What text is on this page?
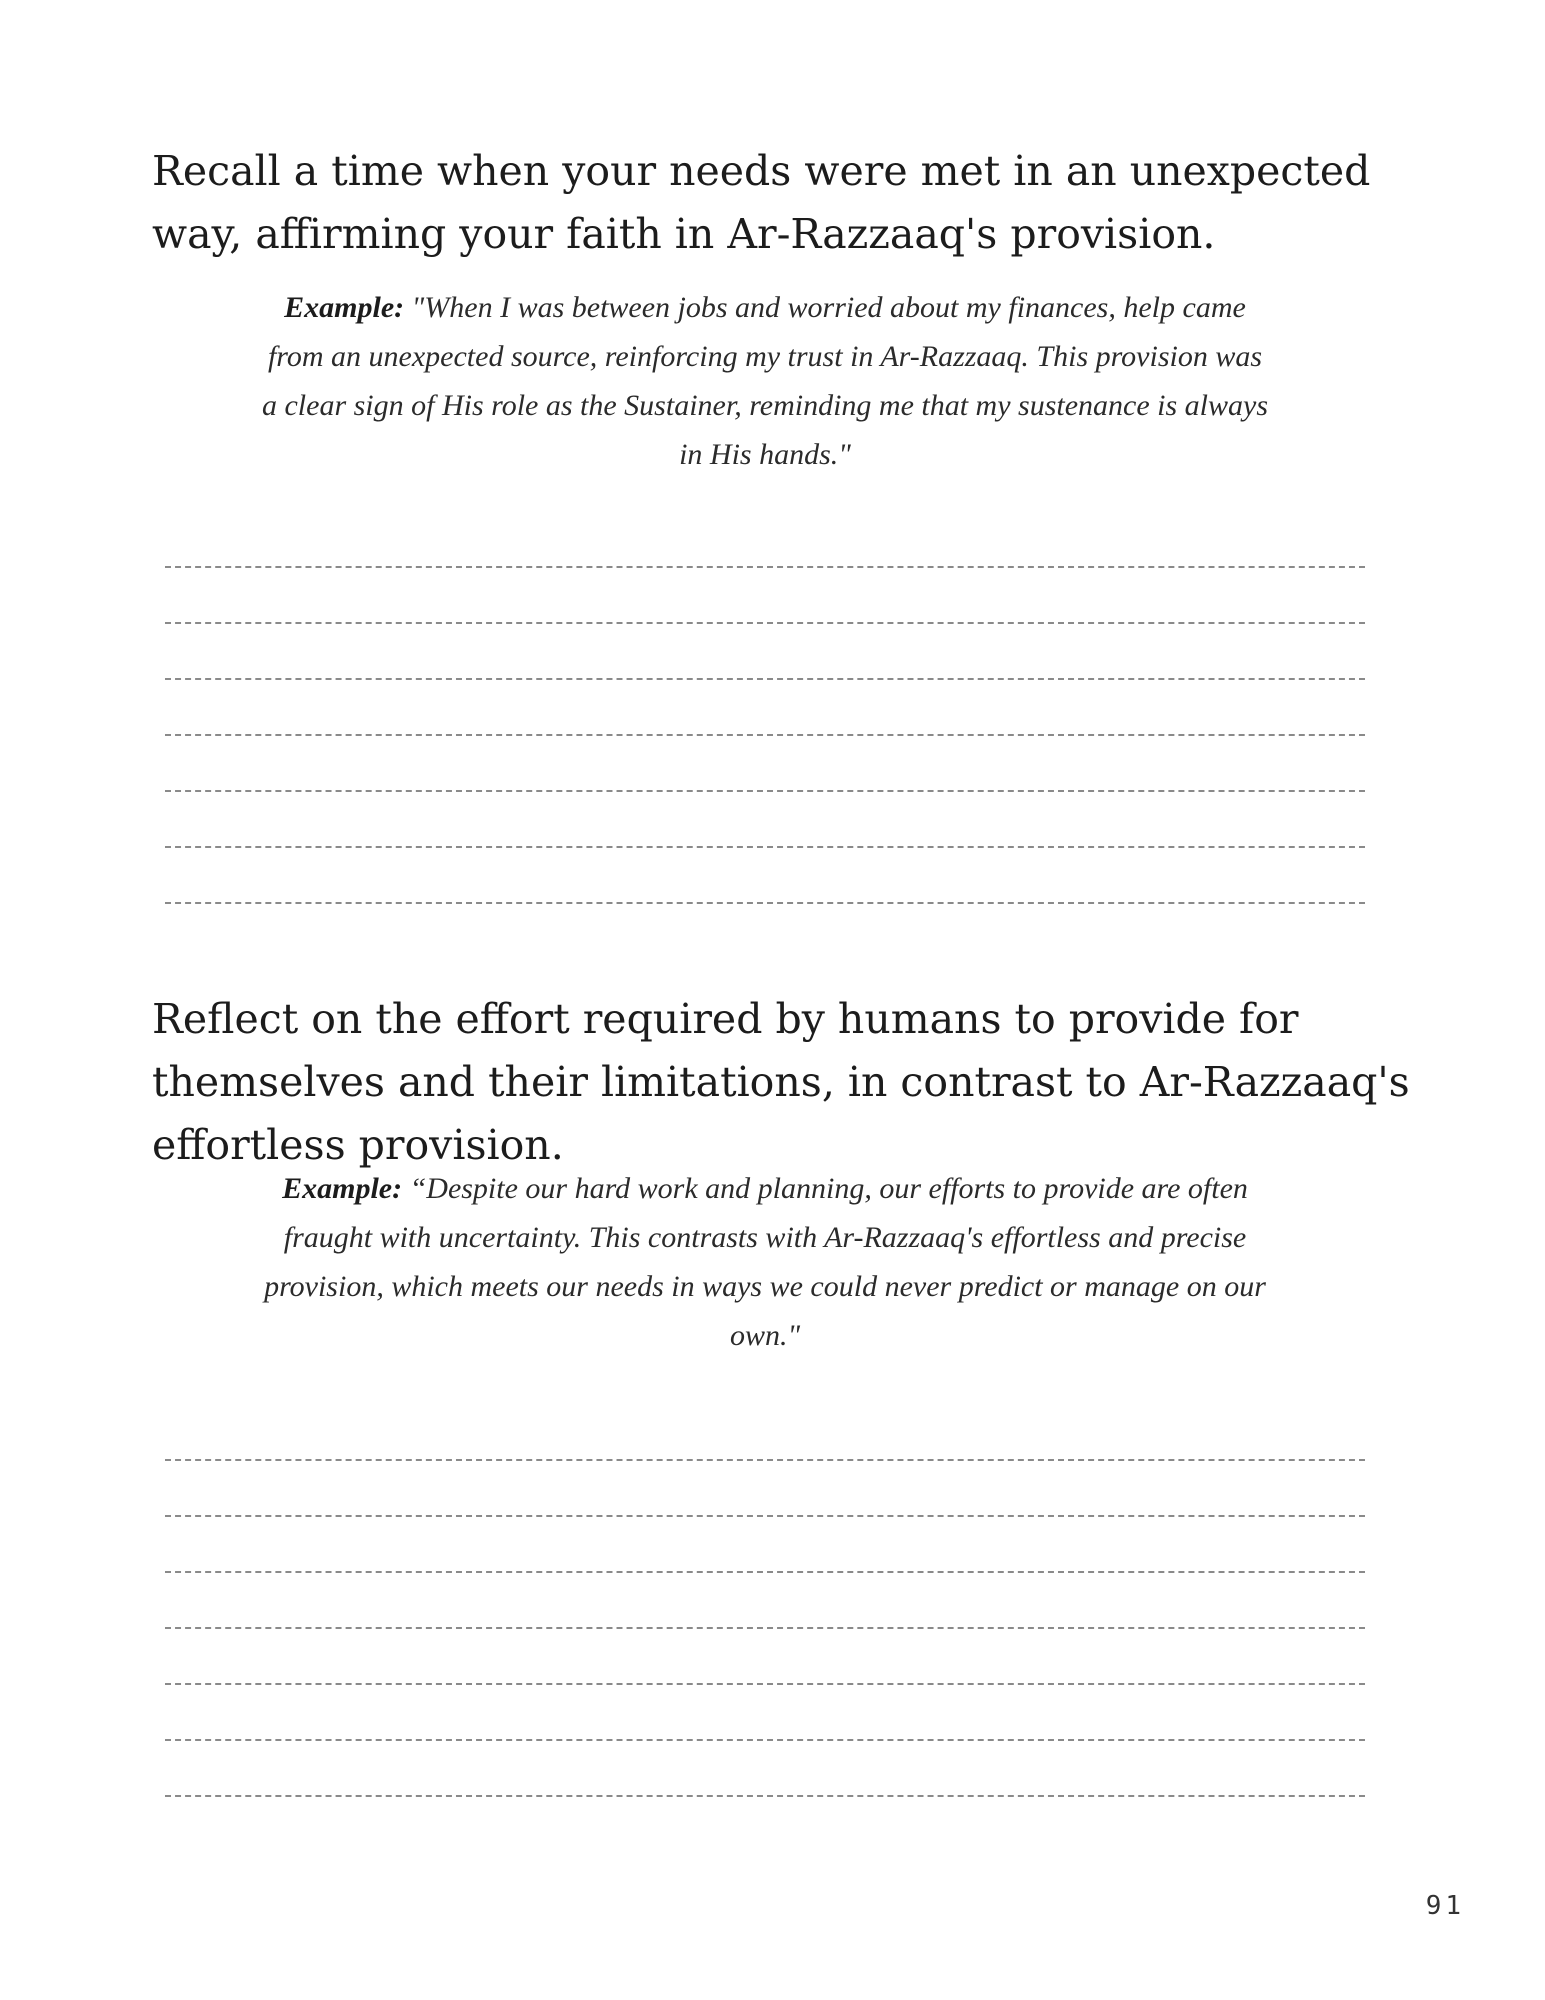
Recall a time when your needs were met in an unexpected way, affirming your faith in Ar-Razzaaq's provision.

Example: "When I was between jobs and worried about my finances, help came from an unexpected source, reinforcing my trust in Ar-Razzaaq. This provision was a clear sign of His role as the Sustainer, reminding me that my sustenance is always in His hands."

Reflect on the effort required by humans to provide for themselves and their limitations, in contrast to Ar-Razzaaq's effortless provision.

Example: “Despite our hard work and planning, our efforts to provide are often fraught with uncertainty. This contrasts with Ar-Razzaaq's effortless and precise provision, which meets our needs in ways we could never predict or manage on our own."

91
